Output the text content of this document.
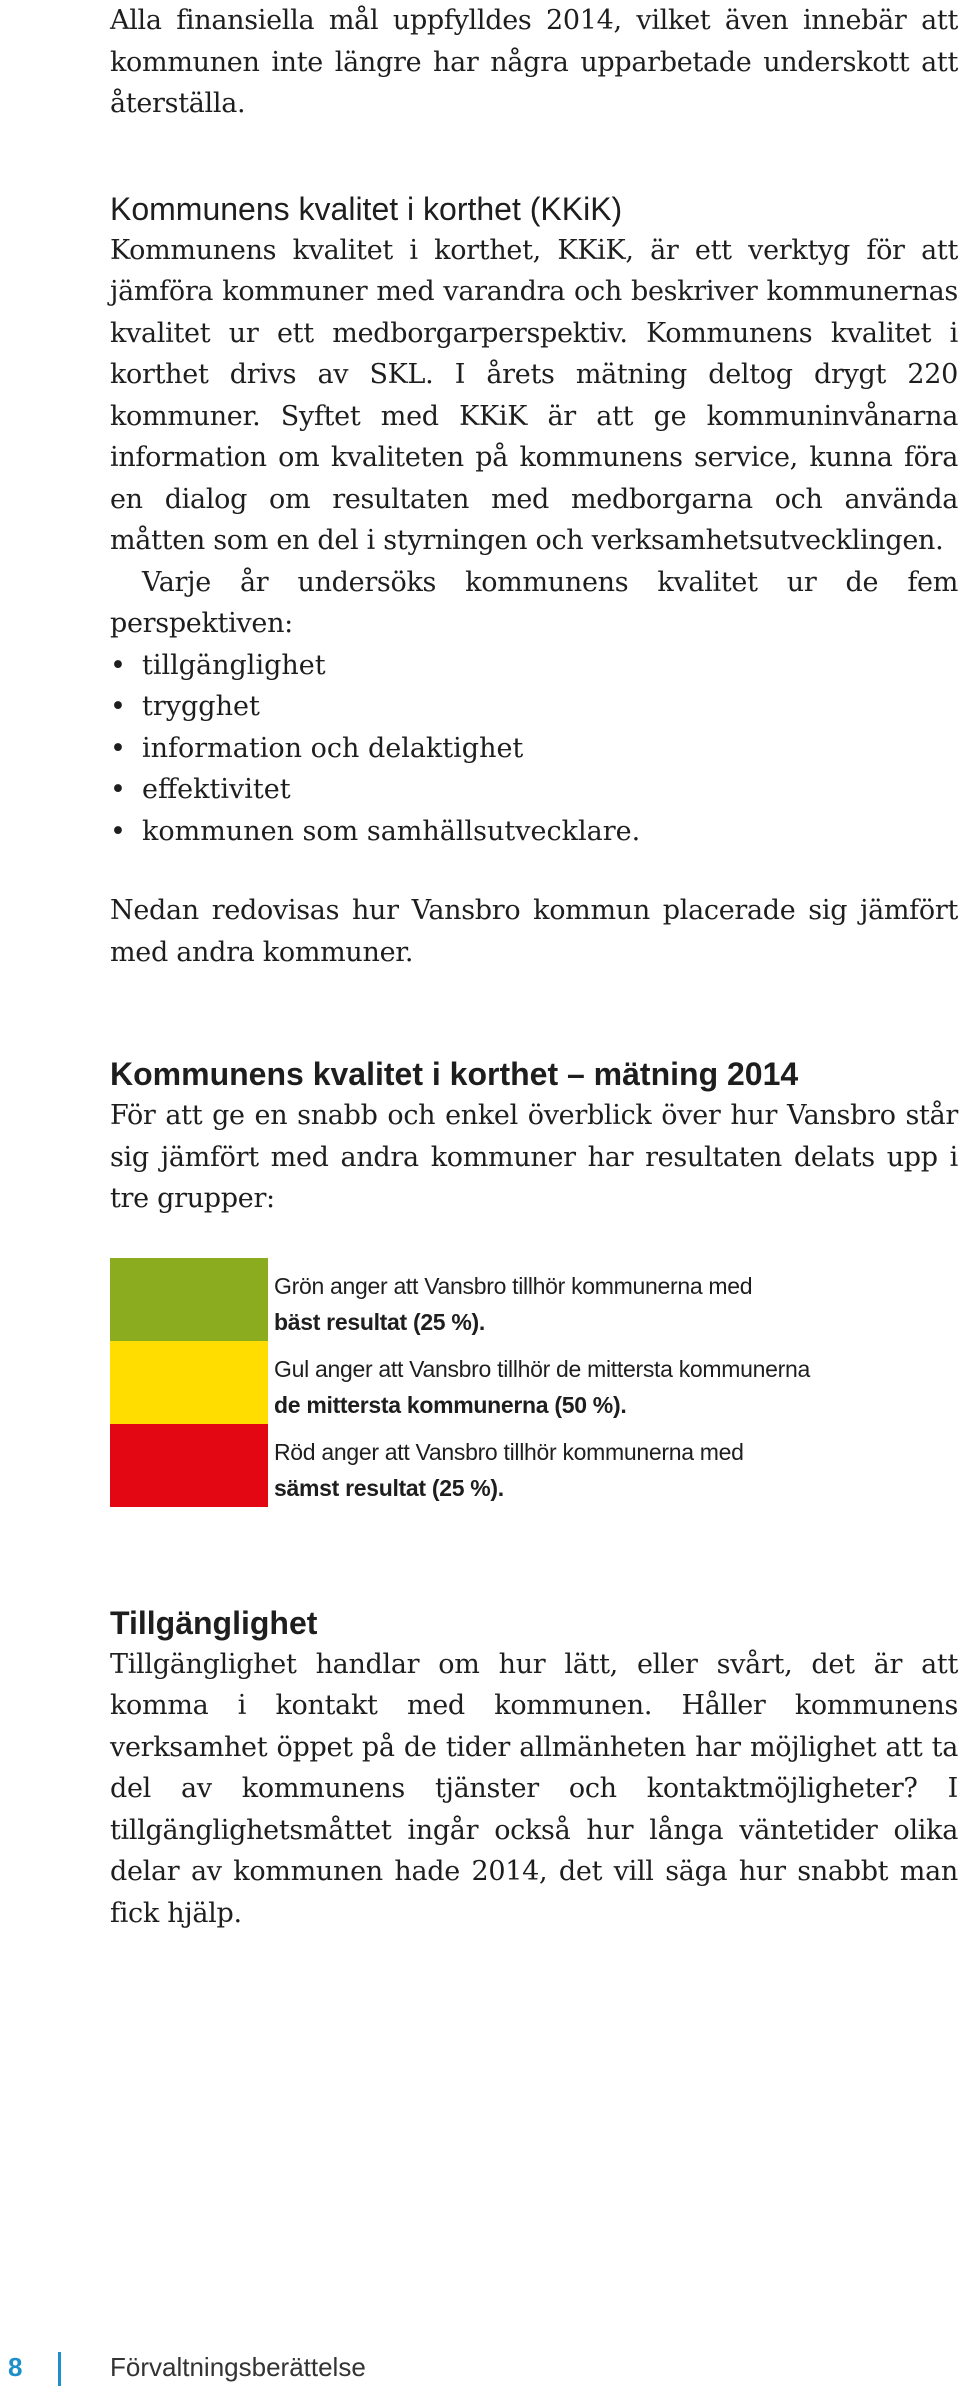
Alla finansiella mål uppfylldes 2014, vilket även innebär att kommunen inte längre har några upparbetade underskott att återställa.

Kommunens kvalitet i korthet (KKiK)

Kommunens kvalitet i korthet, KKiK, är ett verktyg för att jämföra kommuner med varandra och beskriver kommunernas kvalitet ur ett medborgarperspektiv. Kommunens kvalitet i korthet drivs av SKL. I årets mätning deltog drygt 220 kommuner. Syftet med KKiK är att ge kommuninvånarna information om kvaliteten på kommunens service, kunna föra en dialog om resultaten med medborgarna och använda måtten som en del i styrningen och verksamhetsutvecklingen.

Varje år undersöks kommunens kvalitet ur de fem perspektiven:

• tillgänglighet
• trygghet
• information och delaktighet
• effektivitet
• kommunen som samhällsutvecklare.

Nedan redovisas hur Vansbro kommun placerade sig jämfört med andra kommuner.

Kommunens kvalitet i korthet – mätning 2014

För att ge en snabb och enkel överblick över hur Vansbro står sig jämfört med andra kommuner har resultaten delats upp i tre grupper:

Grön anger att Vansbro tillhör kommunerna med
bäst resultat (25 %).
Gul anger att Vansbro tillhör de mittersta kommunerna
de mittersta kommunerna (50 %).
Röd anger att Vansbro tillhör kommunerna med
sämst resultat (25 %).
Tillgänglighet

Tillgänglighet handlar om hur lätt, eller svårt, det är att komma i kontakt med kommunen. Håller kommunens verksamhet öppet på de tider allmänheten har möjlighet att ta del av kommunens tjänster och kontaktmöjligheter? I tillgänglighetsmåttet ingår också hur långa väntetider olika delar av kommunen hade 2014, det vill säga hur snabbt man fick hjälp.

8	Förvaltningsberättelse
